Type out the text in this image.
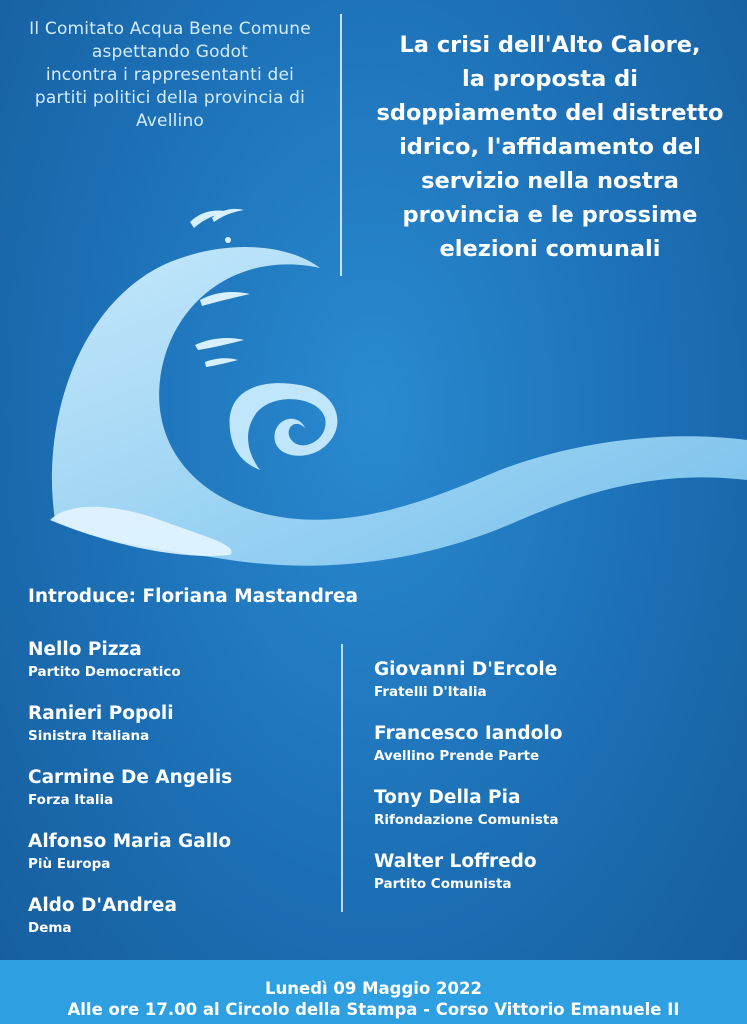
Il Comitato Acqua Bene Comune
aspettando Godot
incontra i rappresentanti dei
partiti politici della provincia di
Avellino
La crisi dell'Alto Calore,
la proposta di
sdoppiamento del distretto
idrico, l'affidamento del
servizio nella nostra
provincia e le prossime
elezioni comunali
Introduce: Floriana Mastandrea
Nello Pizza
Partito Democratico
Ranieri Popoli
Sinistra Italiana
Carmine De Angelis
Forza Italia
Alfonso Maria Gallo
Più Europa
Aldo D'Andrea
Dema
Giovanni D'Ercole
Fratelli D'Italia
Francesco Iandolo
Avellino Prende Parte
Tony Della Pia
Rifondazione Comunista
Walter Loffredo
Partito Comunista
Lunedì 09 Maggio 2022
Alle ore 17.00 al Circolo della Stampa - Corso Vittorio Emanuele II
